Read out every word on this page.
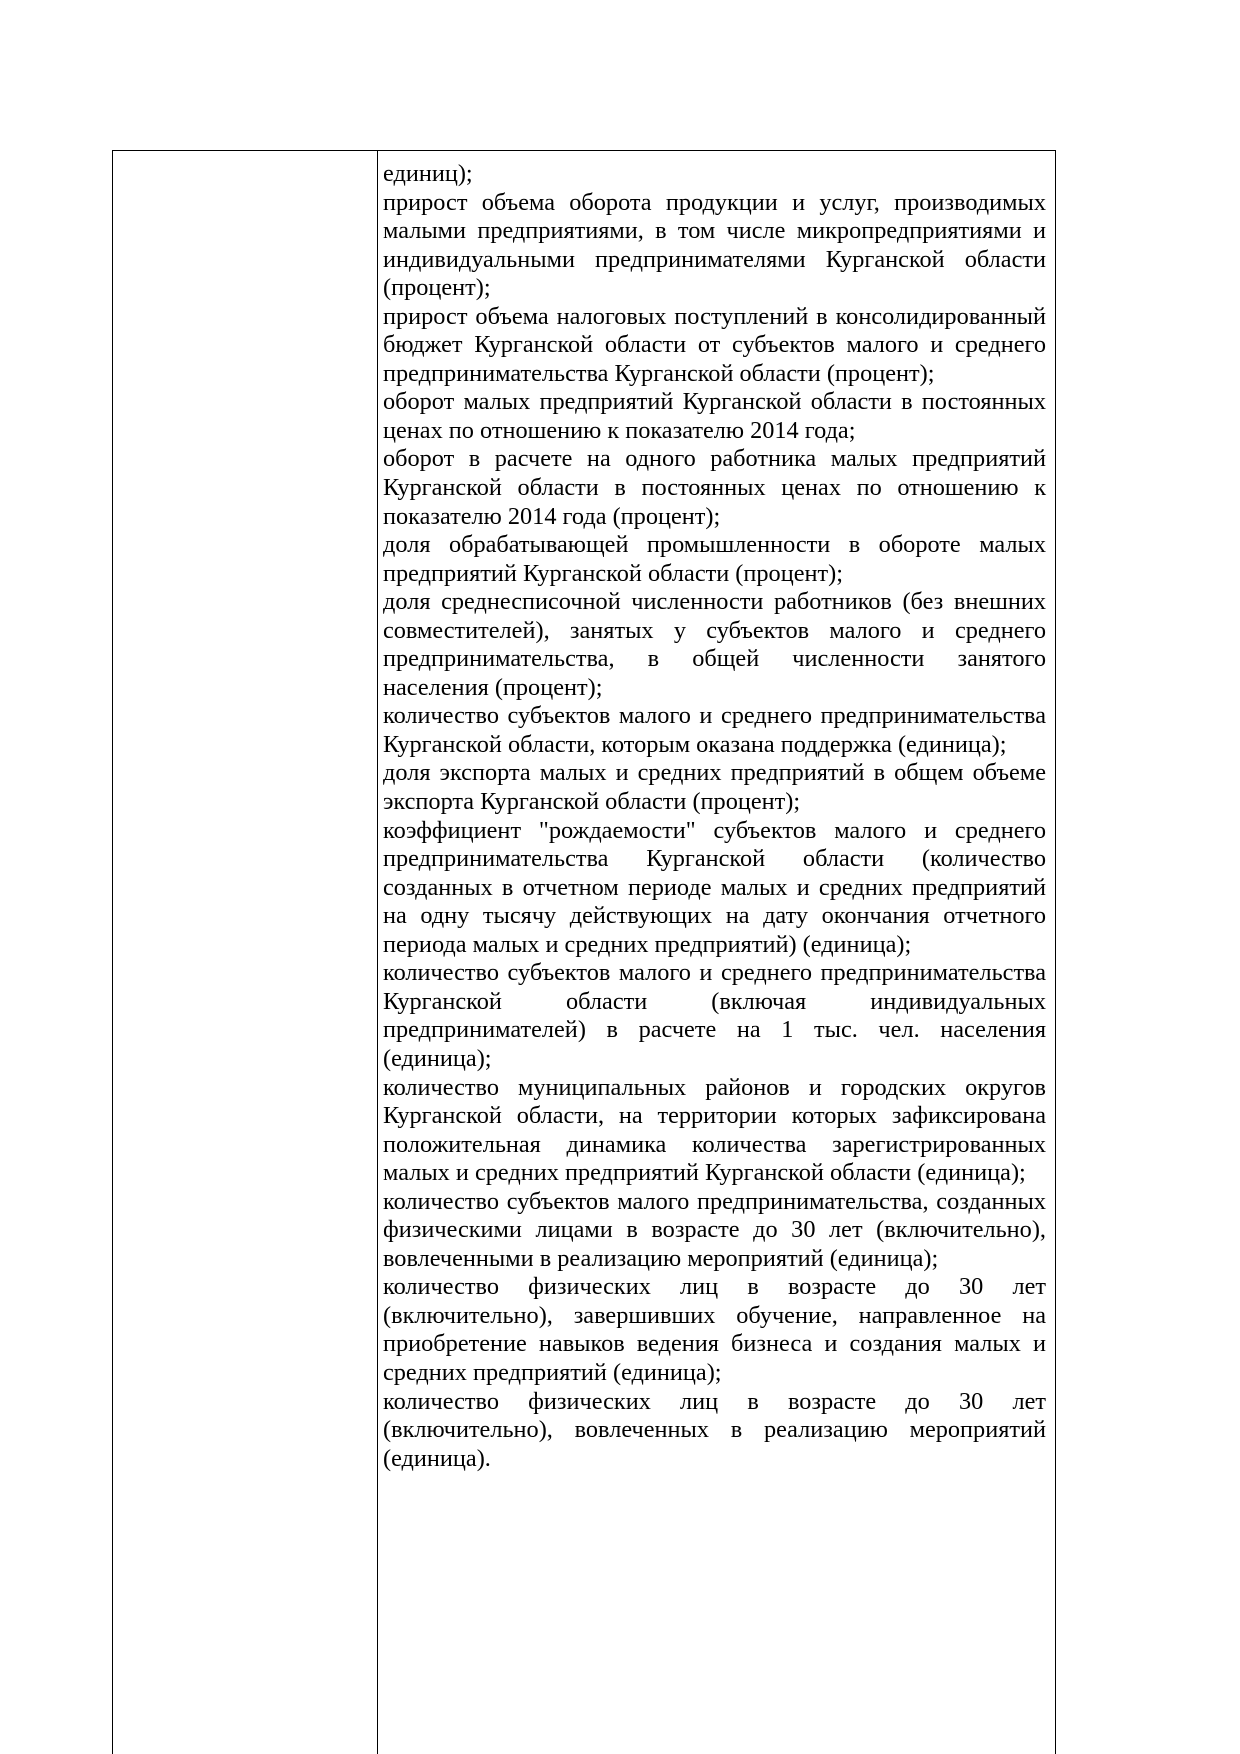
единиц);

прирост объема оборота продукции и услуг, производимых малыми предприятиями, в том числе микропредприятиями и индивидуальными предпринимателями Курганской области (процент);

прирост объема налоговых поступлений в консолидированный бюджет Курганской области от субъектов малого и среднего предпринимательства Курганской области (процент);

оборот малых предприятий Курганской области в постоянных ценах по отношению к показателю 2014 года;

оборот в расчете на одного работника малых предприятий Курганской области в постоянных ценах по отношению к показателю 2014 года (процент);

доля обрабатывающей промышленности в обороте малых предприятий Курганской области (процент);

доля среднесписочной численности работников (без внешних совместителей), занятых у субъектов малого и среднего предпринимательства, в общей численности занятого населения (процент);

количество субъектов малого и среднего предпринимательства Курганской области, которым оказана поддержка (единица);

доля экспорта малых и средних предприятий в общем объеме экспорта Курганской области (процент);

коэффициент "рождаемости" субъектов малого и среднего предпринимательства Курганской области (количество созданных в отчетном периоде малых и средних предприятий на одну тысячу действующих на дату окончания отчетного периода малых и средних предприятий) (единица);

количество субъектов малого и среднего предпринимательства Курганской области (включая индивидуальных предпринимателей) в расчете на 1 тыс. чел. населения (единица);

количество муниципальных районов и городских округов Курганской области, на территории которых зафиксирована положительная динамика количества зарегистрированных малых и средних предприятий Курганской области (единица);

количество субъектов малого предпринимательства, созданных физическими лицами в возрасте до 30 лет (включительно), вовлеченными в реализацию мероприятий (единица);

количество физических лиц в возрасте до 30 лет (включительно), завершивших обучение, направленное на приобретение навыков ведения бизнеса и создания малых и средних предприятий (единица);

количество физических лиц в возрасте до 30 лет (включительно), вовлеченных в реализацию мероприятий (единица).
